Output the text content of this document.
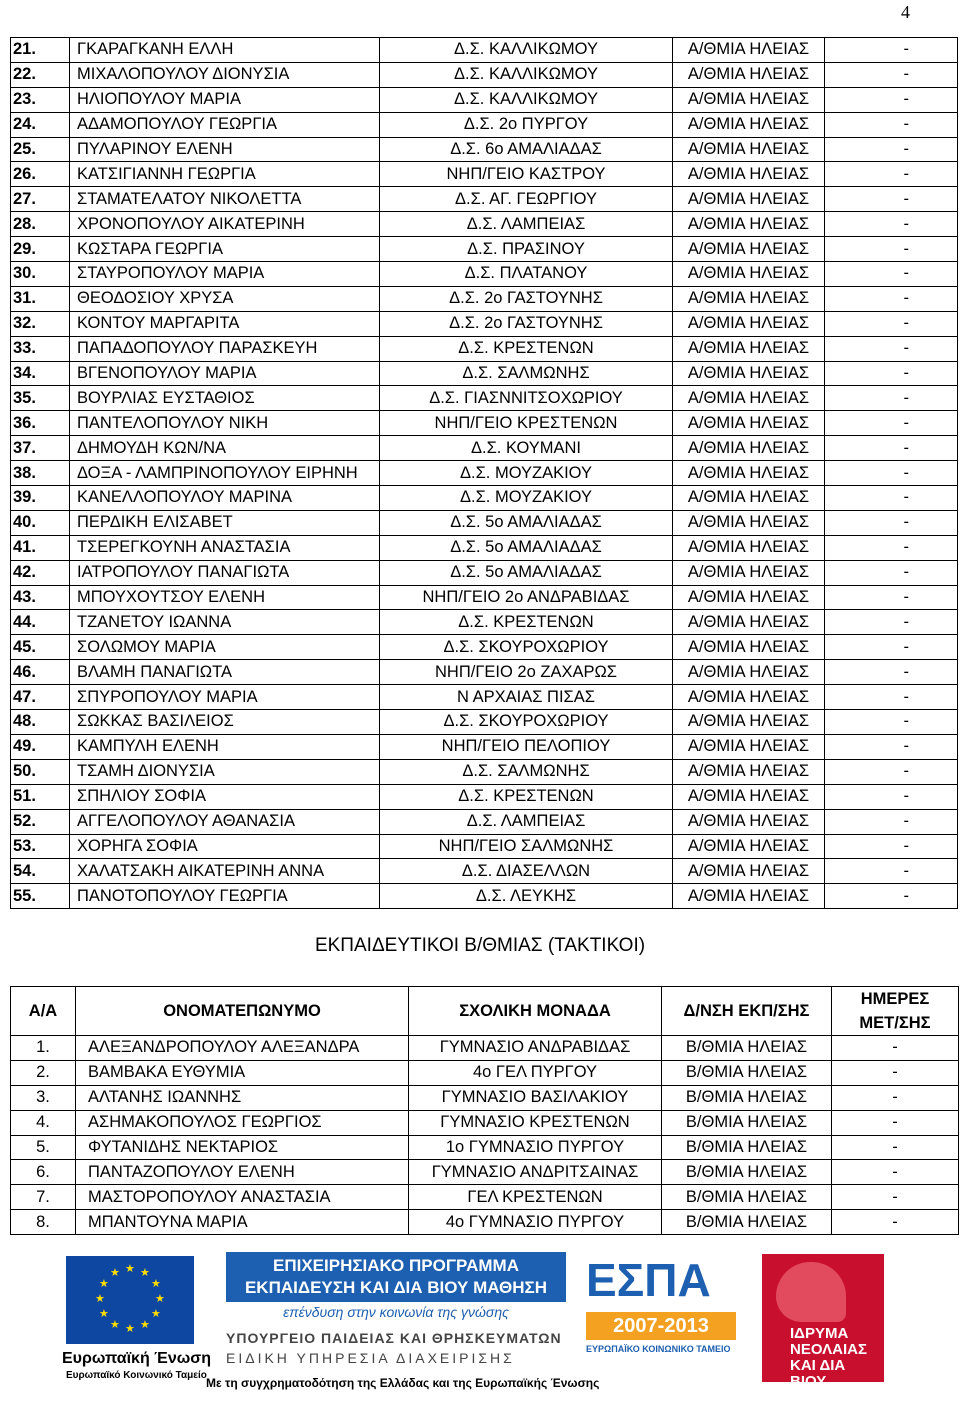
4
21.	ΓΚΑΡΑΓΚΑΝΗ ΕΛΛΗ	Δ.Σ. ΚΑΛΛΙΚΩΜΟΥ	Α/ΘΜΙΑ ΗΛΕΙΑΣ	-
22.	ΜΙΧΑΛΟΠΟΥΛΟΥ ΔΙΟΝΥΣΙΑ	Δ.Σ. ΚΑΛΛΙΚΩΜΟΥ	Α/ΘΜΙΑ ΗΛΕΙΑΣ	-
23.	ΗΛΙΟΠΟΥΛΟΥ ΜΑΡΙΑ	Δ.Σ. ΚΑΛΛΙΚΩΜΟΥ	Α/ΘΜΙΑ ΗΛΕΙΑΣ	-
24.	ΑΔΑΜΟΠΟΥΛΟΥ ΓΕΩΡΓΙΑ	Δ.Σ. 2ο ΠΥΡΓΟΥ	Α/ΘΜΙΑ ΗΛΕΙΑΣ	-
25.	ΠΥΛΑΡΙΝΟΥ ΕΛΕΝΗ	Δ.Σ. 6ο ΑΜΑΛΙΑΔΑΣ	Α/ΘΜΙΑ ΗΛΕΙΑΣ	-
26.	ΚΑΤΣΙΓΙΑΝΝΗ ΓΕΩΡΓΙΑ	ΝΗΠ/ΓΕΙΟ ΚΑΣΤΡΟΥ	Α/ΘΜΙΑ ΗΛΕΙΑΣ	-
27.	ΣΤΑΜΑΤΕΛΑΤΟΥ ΝΙΚΟΛΕΤΤΑ	Δ.Σ. ΑΓ. ΓΕΩΡΓΙΟΥ	Α/ΘΜΙΑ ΗΛΕΙΑΣ	-
28.	ΧΡΟΝΟΠΟΥΛΟΥ ΑΙΚΑΤΕΡΙΝΗ	Δ.Σ. ΛΑΜΠΕΙΑΣ	Α/ΘΜΙΑ ΗΛΕΙΑΣ	-
29.	ΚΩΣΤΑΡΑ ΓΕΩΡΓΙΑ	Δ.Σ. ΠΡΑΣΙΝΟΥ	Α/ΘΜΙΑ ΗΛΕΙΑΣ	-
30.	ΣΤΑΥΡΟΠΟΥΛΟΥ ΜΑΡΙΑ	Δ.Σ. ΠΛΑΤΑΝΟΥ	Α/ΘΜΙΑ ΗΛΕΙΑΣ	-
31.	ΘΕΟΔΟΣΙΟΥ ΧΡΥΣΑ	Δ.Σ. 2ο ΓΑΣΤΟΥΝΗΣ	Α/ΘΜΙΑ ΗΛΕΙΑΣ	-
32.	ΚΟΝΤΟΥ ΜΑΡΓΑΡΙΤΑ	Δ.Σ. 2ο ΓΑΣΤΟΥΝΗΣ	Α/ΘΜΙΑ ΗΛΕΙΑΣ	-
33.	ΠΑΠΑΔΟΠΟΥΛΟΥ ΠΑΡΑΣΚΕΥΗ	Δ.Σ. ΚΡΕΣΤΕΝΩΝ	Α/ΘΜΙΑ ΗΛΕΙΑΣ	-
34.	ΒΓΕΝΟΠΟΥΛΟΥ ΜΑΡΙΑ	Δ.Σ. ΣΑΛΜΩΝΗΣ	Α/ΘΜΙΑ ΗΛΕΙΑΣ	-
35.	ΒΟΥΡΛΙΑΣ ΕΥΣΤΑΘΙΟΣ	Δ.Σ. ΓΙΑΣΝΝΙΤΣΟΧΩΡΙΟΥ	Α/ΘΜΙΑ ΗΛΕΙΑΣ	-
36.	ΠΑΝΤΕΛΟΠΟΥΛΟΥ ΝΙΚΗ	ΝΗΠ/ΓΕΙΟ ΚΡΕΣΤΕΝΩΝ	Α/ΘΜΙΑ ΗΛΕΙΑΣ	-
37.	ΔΗΜΟΥΔΗ ΚΩΝ/ΝΑ	Δ.Σ. ΚΟΥΜΑΝΙ	Α/ΘΜΙΑ ΗΛΕΙΑΣ	-
38.	ΔΟΞΑ - ΛΑΜΠΡΙΝΟΠΟΥΛΟΥ ΕΙΡΗΝΗ	Δ.Σ. ΜΟΥΖΑΚΙΟΥ	Α/ΘΜΙΑ ΗΛΕΙΑΣ	-
39.	ΚΑΝΕΛΛΟΠΟΥΛΟΥ ΜΑΡΙΝΑ	Δ.Σ. ΜΟΥΖΑΚΙΟΥ	Α/ΘΜΙΑ ΗΛΕΙΑΣ	-
40.	ΠΕΡΔΙΚΗ ΕΛΙΣΑΒΕΤ	Δ.Σ. 5ο ΑΜΑΛΙΑΔΑΣ	Α/ΘΜΙΑ ΗΛΕΙΑΣ	-
41.	ΤΣΕΡΕΓΚΟΥΝΗ ΑΝΑΣΤΑΣΙΑ	Δ.Σ. 5ο ΑΜΑΛΙΑΔΑΣ	Α/ΘΜΙΑ ΗΛΕΙΑΣ	-
42.	ΙΑΤΡΟΠΟΥΛΟΥ ΠΑΝΑΓΙΩΤΑ	Δ.Σ. 5ο ΑΜΑΛΙΑΔΑΣ	Α/ΘΜΙΑ ΗΛΕΙΑΣ	-
43.	ΜΠΟΥΧΟΥΤΣΟΥ ΕΛΕΝΗ	ΝΗΠ/ΓΕΙΟ 2ο ΑΝΔΡΑΒΙΔΑΣ	Α/ΘΜΙΑ ΗΛΕΙΑΣ	-
44.	ΤΖΑΝΕΤΟΥ ΙΩΑΝΝΑ	Δ.Σ. ΚΡΕΣΤΕΝΩΝ	Α/ΘΜΙΑ ΗΛΕΙΑΣ	-
45.	ΣΟΛΩΜΟΥ ΜΑΡΙΑ	Δ.Σ. ΣΚΟΥΡΟΧΩΡΙΟΥ	Α/ΘΜΙΑ ΗΛΕΙΑΣ	-
46.	ΒΛΑΜΗ ΠΑΝΑΓΙΩΤΑ	ΝΗΠ/ΓΕΙΟ 2ο ΖΑΧΑΡΩΣ	Α/ΘΜΙΑ ΗΛΕΙΑΣ	-
47.	ΣΠΥΡΟΠΟΥΛΟΥ ΜΑΡΙΑ	Ν ΑΡΧΑΙΑΣ ΠΙΣΑΣ	Α/ΘΜΙΑ ΗΛΕΙΑΣ	-
48.	ΣΩΚΚΑΣ ΒΑΣΙΛΕΙΟΣ	Δ.Σ. ΣΚΟΥΡΟΧΩΡΙΟΥ	Α/ΘΜΙΑ ΗΛΕΙΑΣ	-
49.	ΚΑΜΠΥΛΗ ΕΛΕΝΗ	ΝΗΠ/ΓΕΙΟ ΠΕΛΟΠΙΟΥ	Α/ΘΜΙΑ ΗΛΕΙΑΣ	-
50.	ΤΣΑΜΗ ΔΙΟΝΥΣΙΑ	Δ.Σ. ΣΑΛΜΩΝΗΣ	Α/ΘΜΙΑ ΗΛΕΙΑΣ	-
51.	ΣΠΗΛΙΟΥ ΣΟΦΙΑ	Δ.Σ. ΚΡΕΣΤΕΝΩΝ	Α/ΘΜΙΑ ΗΛΕΙΑΣ	-
52.	ΑΓΓΕΛΟΠΟΥΛΟΥ ΑΘΑΝΑΣΙΑ	Δ.Σ. ΛΑΜΠΕΙΑΣ	Α/ΘΜΙΑ ΗΛΕΙΑΣ	-
53.	ΧΟΡΗΓΑ ΣΟΦΙΑ	ΝΗΠ/ΓΕΙΟ ΣΑΛΜΩΝΗΣ	Α/ΘΜΙΑ ΗΛΕΙΑΣ	-
54.	ΧΑΛΑΤΣΑΚΗ ΑΙΚΑΤΕΡΙΝΗ ΑΝΝΑ	Δ.Σ. ΔΙΑΣΕΛΛΩΝ	Α/ΘΜΙΑ ΗΛΕΙΑΣ	-
55.	ΠΑΝΟΤΟΠΟΥΛΟΥ ΓΕΩΡΓΙΑ	Δ.Σ. ΛΕΥΚΗΣ	Α/ΘΜΙΑ ΗΛΕΙΑΣ	-
ΕΚΠΑΙΔΕΥΤΙΚΟΙ Β/ΘΜΙΑΣ (ΤΑΚΤΙΚΟΙ)
Α/Α	ΟΝΟΜΑΤΕΠΩΝΥΜΟ	ΣΧΟΛΙΚΗ ΜΟΝΑΔΑ	Δ/ΝΣΗ ΕΚΠ/ΣΗΣ	ΗΜΕΡΕΣ
ΜΕΤ/ΣΗΣ

1.	ΑΛΕΞΑΝΔΡΟΠΟΥΛΟΥ ΑΛΕΞΑΝΔΡΑ	ΓΥΜΝΑΣΙΟ ΑΝΔΡΑΒΙΔΑΣ	Β/ΘΜΙΑ ΗΛΕΙΑΣ	-
2.	ΒΑΜΒΑΚΑ ΕΥΘΥΜΙΑ	4ο ΓΕΛ ΠΥΡΓΟΥ	Β/ΘΜΙΑ ΗΛΕΙΑΣ	-
3.	ΑΛΤΑΝΗΣ ΙΩΑΝΝΗΣ	ΓΥΜΝΑΣΙΟ ΒΑΣΙΛΑΚΙΟΥ	Β/ΘΜΙΑ ΗΛΕΙΑΣ	-
4.	ΑΣΗΜΑΚΟΠΟΥΛΟΣ ΓΕΩΡΓΙΟΣ	ΓΥΜΝΑΣΙΟ ΚΡΕΣΤΕΝΩΝ	Β/ΘΜΙΑ ΗΛΕΙΑΣ	-
5.	ΦΥΤΑΝΙΔΗΣ ΝΕΚΤΑΡΙΟΣ	1ο ΓΥΜΝΑΣΙΟ ΠΥΡΓΟΥ	Β/ΘΜΙΑ ΗΛΕΙΑΣ	-
6.	ΠΑΝΤΑΖΟΠΟΥΛΟΥ ΕΛΕΝΗ	ΓΥΜΝΑΣΙΟ ΑΝΔΡΙΤΣΑΙΝΑΣ	Β/ΘΜΙΑ ΗΛΕΙΑΣ	-
7.	ΜΑΣΤΟΡΟΠΟΥΛΟΥ ΑΝΑΣΤΑΣΙΑ	ΓΕΛ ΚΡΕΣΤΕΝΩΝ	Β/ΘΜΙΑ ΗΛΕΙΑΣ	-
8.	ΜΠΑΝΤΟΥΝΑ ΜΑΡΙΑ	4ο ΓΥΜΝΑΣΙΟ ΠΥΡΓΟΥ	Β/ΘΜΙΑ ΗΛΕΙΑΣ	-
★ ★
★
★
★
★
★
★
★
★
★
★
Ευρωπαϊκή Ένωση
Ευρωπαϊκό Κοινωνικό Ταμείο
ΕΠΙΧΕΙΡΗΣΙΑΚΟ ΠΡΟΓΡΑΜΜΑ
ΕΚΠΑΙΔΕΥΣΗ ΚΑΙ ΔΙΑ ΒΙΟΥ ΜΑΘΗΣΗ
επένδυση στην κοινωνία της γνώσης
ΥΠΟΥΡΓΕΙΟ ΠΑΙΔΕΙΑΣ ΚΑΙ ΘΡΗΣΚΕΥΜΑΤΩΝ
ΕΙΔΙΚΗ ΥΠΗΡΕΣΙΑ ΔΙΑΧΕΙΡΙΣΗΣ
Με τη συγχρηματοδότηση της Ελλάδας και της Ευρωπαϊκής Ένωσης
ΕΣΠΑ
2007-2013
ΕΥΡΩΠΑΪΚΟ ΚΟΙΝΩΝΙΚΟ ΤΑΜΕΙΟ
ΙΔΡΥΜΑ
ΝΕΟΛΑΙΑΣ ΚΑΙ ΔΙΑ ΒΙΟΥ
ΜΑΘΗΣΗΣ
